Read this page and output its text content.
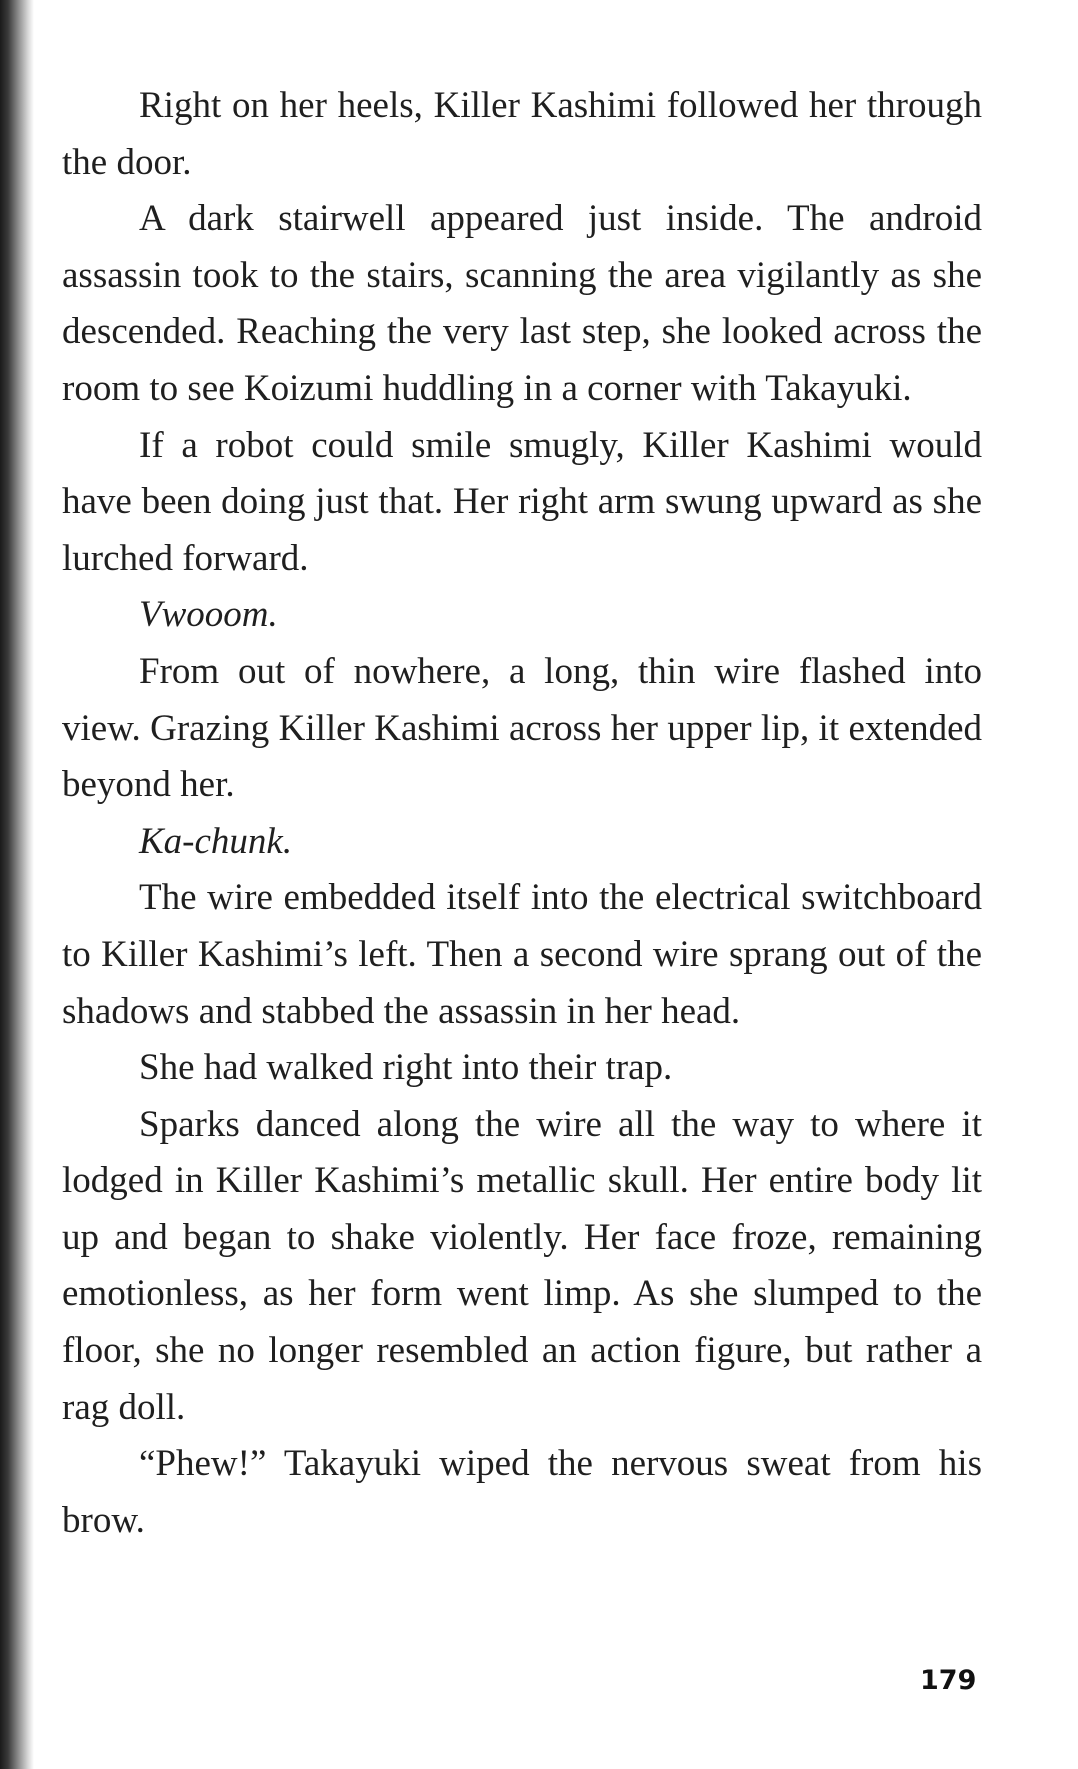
Right on her heels, Killer Kashimi followed her through the door.

A dark stairwell appeared just inside. The android assassin took to the stairs, scanning the area vigilantly as she descended. Reaching the very last step, she looked across the room to see Koizumi huddling in a corner with Takayuki.

If a robot could smile smugly, Killer Kashimi would have been doing just that. Her right arm swung upward as she lurched forward.

Vwooom.

From out of nowhere, a long, thin wire flashed into view. Grazing Killer Kashimi across her upper lip, it extended beyond her.

Ka-chunk.

The wire embedded itself into the electrical switchboard to Killer Kashimi’s left. Then a second wire sprang out of the shadows and stabbed the assassin in her head.

She had walked right into their trap.

Sparks danced along the wire all the way to where it lodged in Killer Kashimi’s metallic skull. Her entire body lit up and began to shake violently. Her face froze, remaining emotionless, as her form went limp. As she slumped to the floor, she no longer resembled an action figure, but rather a rag doll.

“Phew!” Takayuki wiped the nervous sweat from his brow.

179
